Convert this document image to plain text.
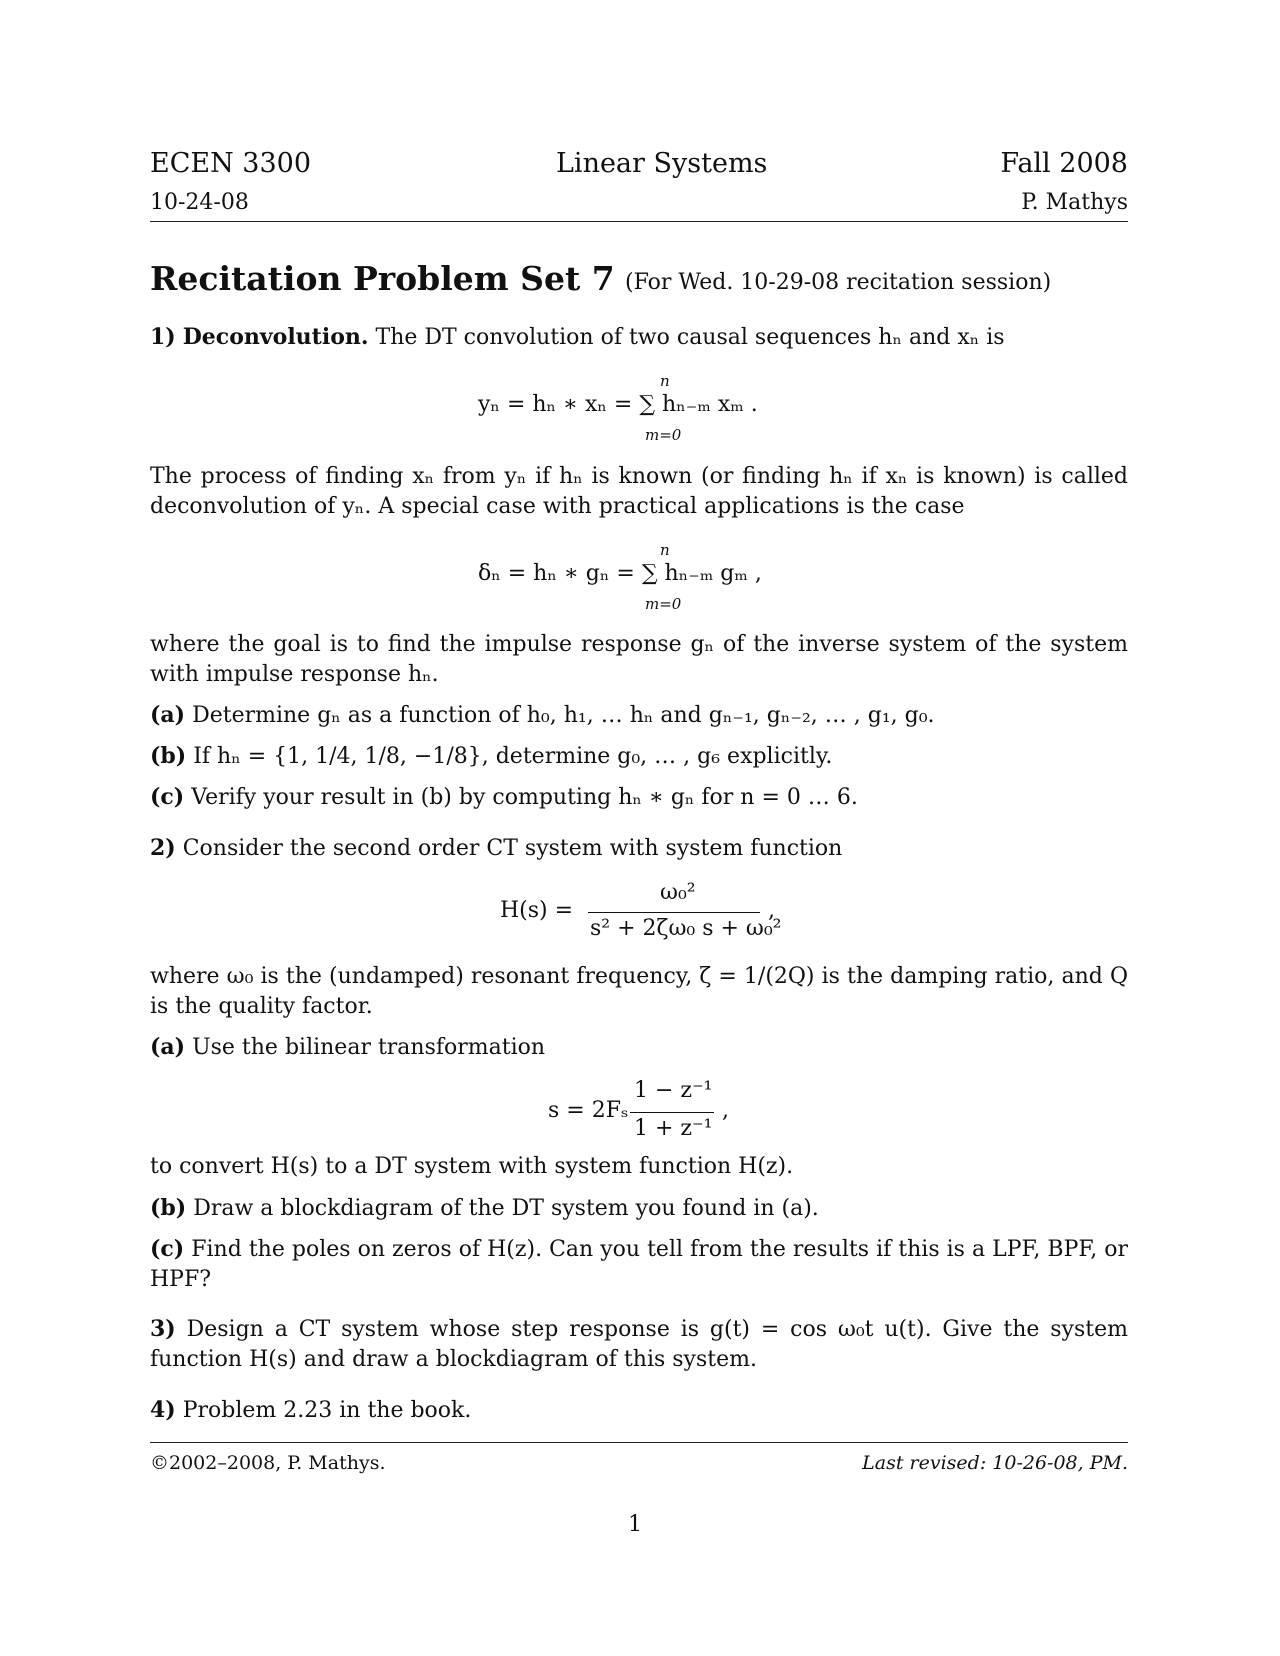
ECEN 3300	Linear Systems	Fall 2008
10-24-08	P. Mathys
Recitation Problem Set 7 (For Wed. 10-29-08 recitation session)
1) Deconvolution. The DT convolution of two causal sequences hₙ and xₙ is
yₙ = hₙ ∗ xₙ = ∑ hₙ₋ₘ xₘ .
n
m=0
The process of finding xₙ from yₙ if hₙ is known (or finding hₙ if xₙ is known) is called deconvolution of yₙ. A special case with practical applications is the case
δₙ = hₙ ∗ gₙ = ∑ hₙ₋ₘ gₘ ,
n
m=0
where the goal is to find the impulse response gₙ of the inverse system of the system with impulse response hₙ.
(a) Determine gₙ as a function of h₀, h₁, … hₙ and gₙ₋₁, gₙ₋₂, … , g₁, g₀.
(b) If hₙ = {1, 1/4, 1/8, −1/8}, determine g₀, … , g₆ explicitly.
(c) Verify your result in (b) by computing hₙ ∗ gₙ for n = 0 … 6.
2) Consider the second order CT system with system function
H(s) =
ω₀²
s² + 2ζω₀ s + ω₀²
,
where ω₀ is the (undamped) resonant frequency, ζ = 1/(2Q) is the damping ratio, and Q is the quality factor.
(a) Use the bilinear transformation
s = 2Fₛ
1 − z⁻¹
1 + z⁻¹
,
to convert H(s) to a DT system with system function H(z).
(b) Draw a blockdiagram of the DT system you found in (a).
(c) Find the poles on zeros of H(z). Can you tell from the results if this is a LPF, BPF, or HPF?
3) Design a CT system whose step response is g(t) = cos ω₀t u(t). Give the system function H(s) and draw a blockdiagram of this system.
4) Problem 2.23 in the book.
©2002–2008, P. Mathys.	Last revised: 10-26-08, PM.
1
